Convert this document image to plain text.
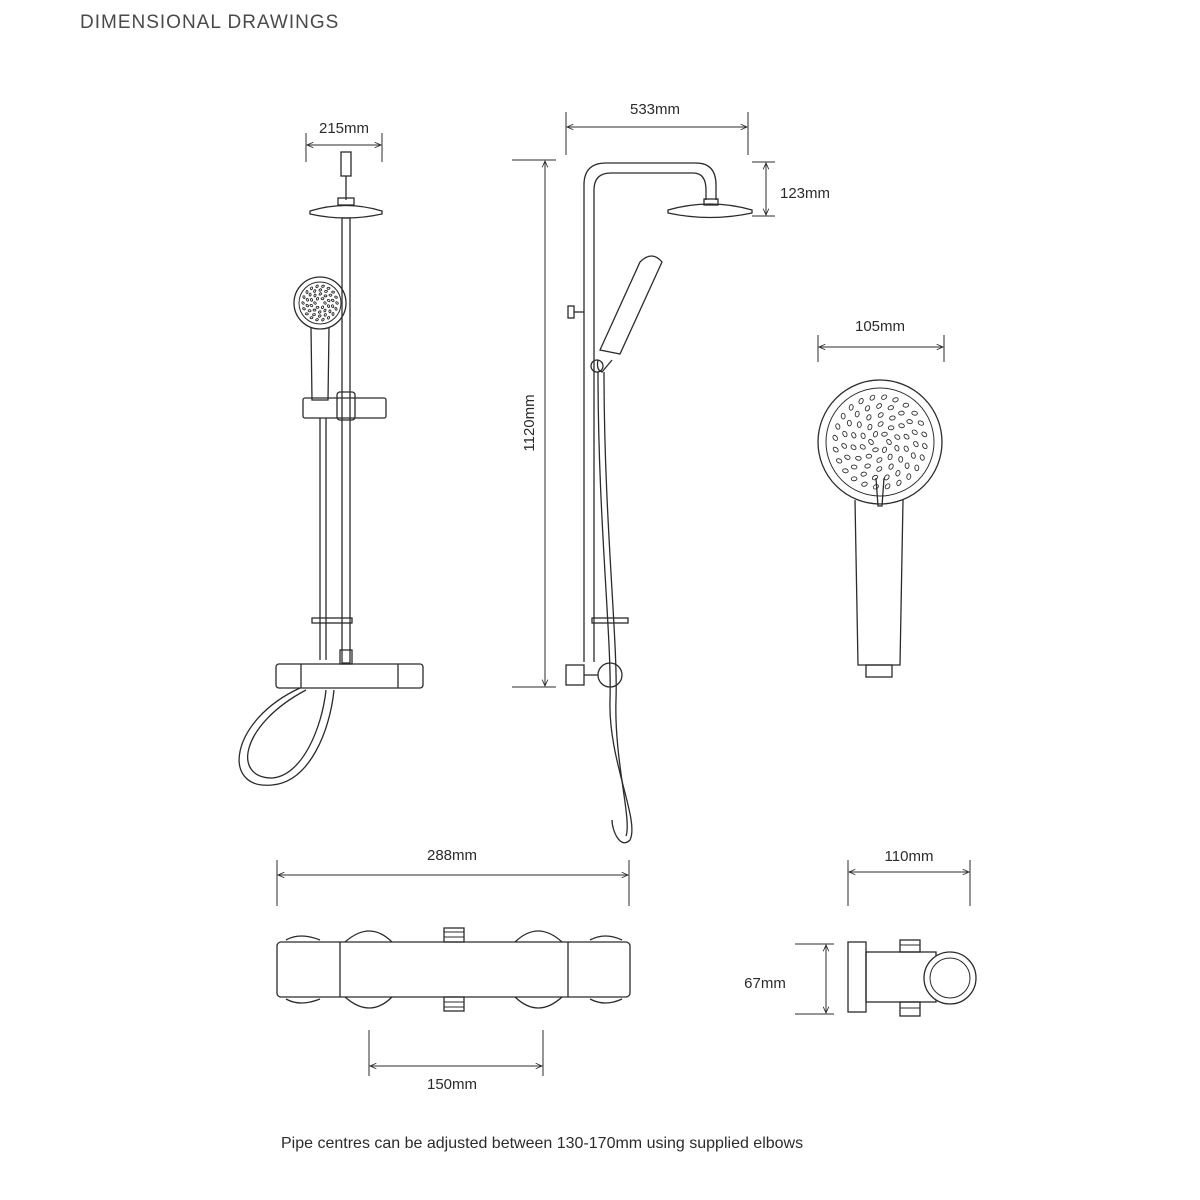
DIMENSIONAL DRAWINGS
215mm
533mm
123mm
1120mm
105mm
288mm	110mm
67mm
150mm
Pipe centres can be adjusted between 130-170mm using supplied elbows
